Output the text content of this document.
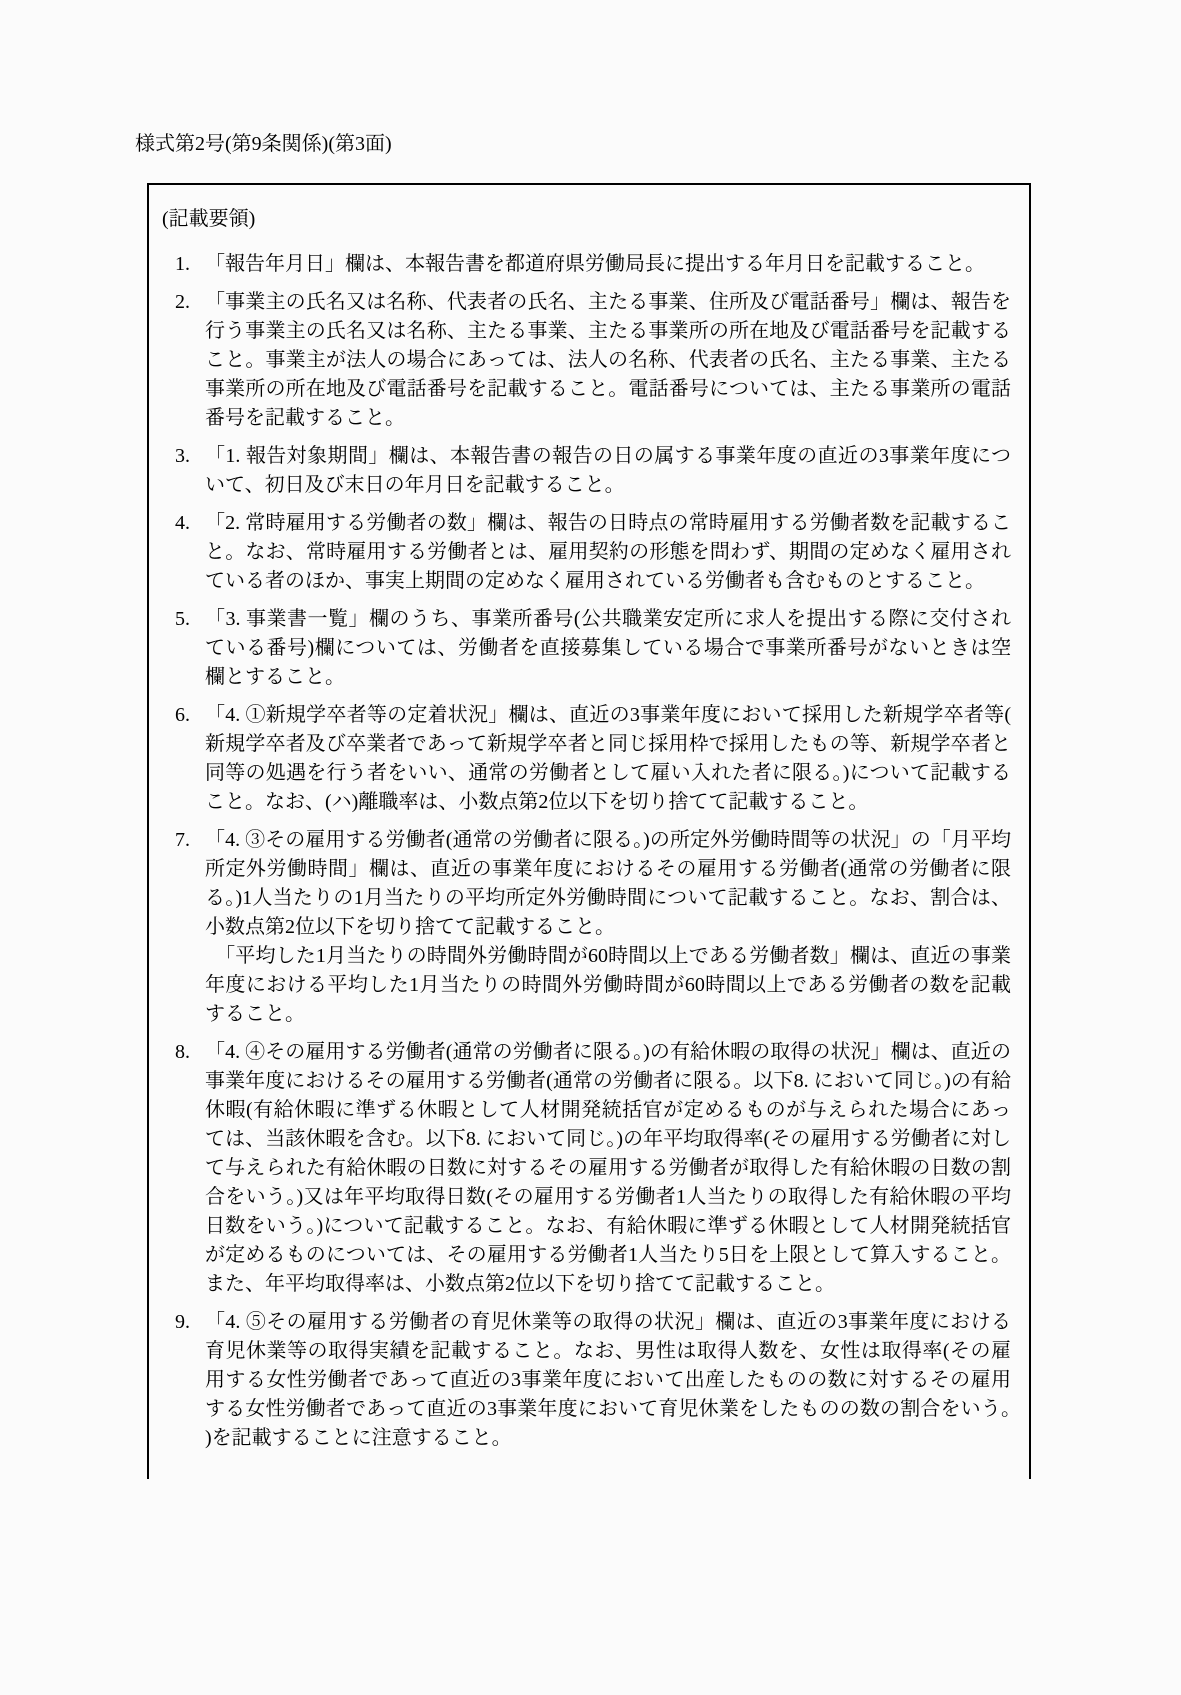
様式第2号(第9条関係)(第3面)
(記載要領)
1. 「報告年月日」欄は、本報告書を都道府県労働局長に提出する年月日を記載すること。

2. 「事業主の氏名又は名称、代表者の氏名、主たる事業、住所及び電話番号」欄は、報告を行う事業主の氏名又は名称、主たる事業、主たる事業所の所在地及び電話番号を記載すること。事業主が法人の場合にあっては、法人の名称、代表者の氏名、主たる事業、主たる事業所の所在地及び電話番号を記載すること。電話番号については、主たる事業所の電話番号を記載すること。

3. 「1. 報告対象期間」欄は、本報告書の報告の日の属する事業年度の直近の3事業年度について、初日及び末日の年月日を記載すること。

4. 「2. 常時雇用する労働者の数」欄は、報告の日時点の常時雇用する労働者数を記載すること。なお、常時雇用する労働者とは、雇用契約の形態を問わず、期間の定めなく雇用されている者のほか、事実上期間の定めなく雇用されている労働者も含むものとすること。

5. 「3. 事業書一覧」欄のうち、事業所番号(公共職業安定所に求人を提出する際に交付されている番号)欄については、労働者を直接募集している場合で事業所番号がないときは空欄とすること。

6. 「4. ①新規学卒者等の定着状況」欄は、直近の3事業年度において採用した新規学卒者等(新規学卒者及び卒業者であって新規学卒者と同じ採用枠で採用したもの等、新規学卒者と同等の処遇を行う者をいい、通常の労働者として雇い入れた者に限る。)について記載すること。なお、(ハ)離職率は、小数点第2位以下を切り捨てて記載すること。

7. 「4. ③その雇用する労働者(通常の労働者に限る。)の所定外労働時間等の状況」の「月平均所定外労働時間」欄は、直近の事業年度におけるその雇用する労働者(通常の労働者に限る。)1人当たりの1月当たりの平均所定外労働時間について記載すること。なお、割合は、小数点第2位以下を切り捨てて記載すること。

　「平均した1月当たりの時間外労働時間が60時間以上である労働者数」欄は、直近の事業年度における平均した1月当たりの時間外労働時間が60時間以上である労働者の数を記載すること。

8. 「4. ④その雇用する労働者(通常の労働者に限る。)の有給休暇の取得の状況」欄は、直近の事業年度におけるその雇用する労働者(通常の労働者に限る。以下8. において同じ。)の有給休暇(有給休暇に準ずる休暇として人材開発統括官が定めるものが与えられた場合にあっては、当該休暇を含む。以下8. において同じ。)の年平均取得率(その雇用する労働者に対して与えられた有給休暇の日数に対するその雇用する労働者が取得した有給休暇の日数の割合をいう。)又は年平均取得日数(その雇用する労働者1人当たりの取得した有給休暇の平均日数をいう。)について記載すること。なお、有給休暇に準ずる休暇として人材開発統括官が定めるものについては、その雇用する労働者1人当たり5日を上限として算入すること。また、年平均取得率は、小数点第2位以下を切り捨てて記載すること。

9. 「4. ⑤その雇用する労働者の育児休業等の取得の状況」欄は、直近の3事業年度における育児休業等の取得実績を記載すること。なお、男性は取得人数を、女性は取得率(その雇用する女性労働者であって直近の3事業年度において出産したものの数に対するその雇用する女性労働者であって直近の3事業年度において育児休業をしたものの数の割合をいう。)を記載することに注意すること。
